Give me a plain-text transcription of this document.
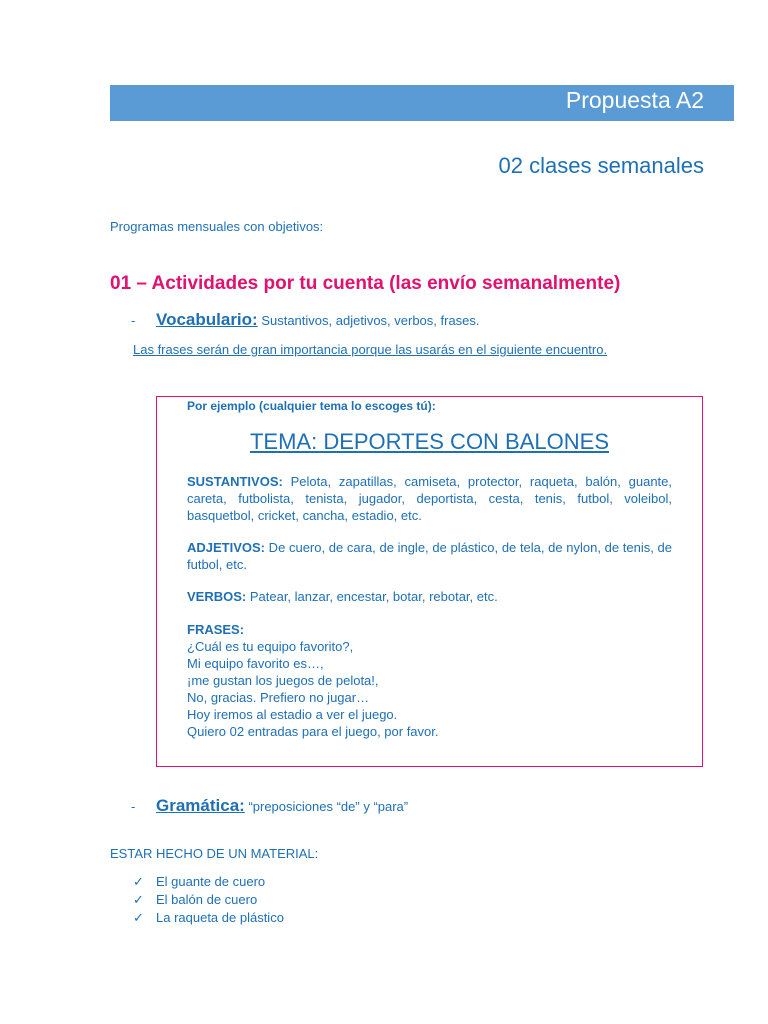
Propuesta A2
02 clases semanales
Programas mensuales con objetivos:
01 – Actividades por tu cuenta (las envío semanalmente)
- Vocabulario: Sustantivos, adjetivos, verbos, frases.
Las frases serán de gran importancia porque las usarás en el siguiente encuentro.
Por ejemplo (cualquier tema lo escoges tú):
TEMA: DEPORTES CON BALONES
SUSTANTIVOS: Pelota, zapatillas, camiseta, protector, raqueta, balón, guante, careta, futbolista, tenista, jugador, deportista, cesta, tenis, futbol, voleibol, basquetbol, cricket, cancha, estadio, etc.
ADJETIVOS: De cuero, de cara, de ingle, de plástico, de tela, de nylon, de tenis, de futbol, etc.
VERBOS: Patear, lanzar, encestar, botar, rebotar, etc.
FRASES:
¿Cuál es tu equipo favorito?,
Mi equipo favorito es…,
¡me gustan los juegos de pelota!,
No, gracias. Prefiero no jugar…
Hoy iremos al estadio a ver el juego.
Quiero 02 entradas para el juego, por favor.
- Gramática: “preposiciones “de” y “para”
ESTAR HECHO DE UN MATERIAL:
✓ El guante de cuero
✓ El balón de cuero
✓ La raqueta de plástico
